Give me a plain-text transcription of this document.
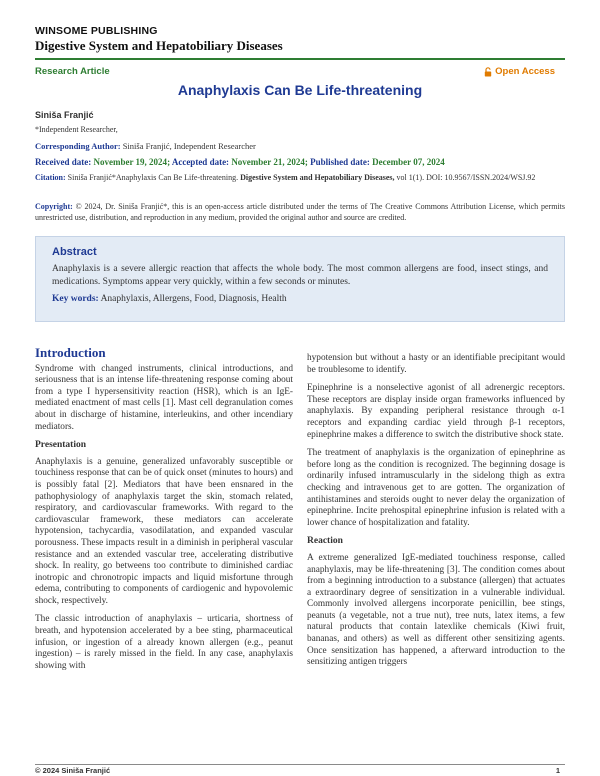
WINSOME PUBLISHING
Digestive System and Hepatobiliary Diseases
Research Article	Open Access
Anaphylaxis Can Be Life-threatening
Siniša Franjić
*Independent Researcher,
Corresponding Author: Siniša Franjić, Independent Researcher
Received date: November 19, 2024; Accepted date: November 21, 2024; Published date: December 07, 2024
Citation: Siniša Franjić*Anaphylaxis Can Be Life-threatening. Digestive System and Hepatobiliary Diseases, vol 1(1). DOI: 10.9567/ISSN.2024/WSJ.92
Copyright: © 2024, Dr. Siniša Franjić*, this is an open-access article distributed under the terms of The Creative Commons Attribution License, which permits unrestricted use, distribution, and reproduction in any medium, provided the original author and source are credited.
Abstract
Anaphylaxis is a severe allergic reaction that affects the whole body. The most common allergens are food, insect stings, and medications. Symptoms appear very quickly, within a few seconds or minutes.
Key words: Anaphylaxis, Allergens, Food, Diagnosis, Health
Introduction

Syndrome with changed instruments, clinical introductions, and seriousness that is an intense life-threatening response coming about from a type I hypersensitivity reaction (HSR), which is an IgE-mediated enactment of mast cells [1]. Mast cell degranulation comes about in discharge of histamine, interleukins, and other incendiary mediators.

Presentation

Anaphylaxis is a genuine, generalized unfavorably susceptible or touchiness response that can be of quick onset (minutes to hours) and is possibly fatal [2]. Mediators that have been ensnared in the pathophysiology of anaphylaxis target the skin, stomach related, respiratory, and cardiovascular frameworks. With regard to the cardiovascular framework, these mediators can accelerate hypotension, tachycardia, vasodilatation, and expanded vascular porousness. These impacts result in a diminish in peripheral vascular resistance and an extended vascular tree, accelerating distributive shock. In reality, go betweens too contribute to diminished cardiac inotropic and chronotropic impacts and liquid misfortune through edema, contributing to components of cardiogenic and hypovolemic shock, respectively.

The classic introduction of anaphylaxis – urticaria, shortness of breath, and hypotension accelerated by a bee sting, pharmaceutical infusion, or ingestion of a already known allergen (e.g., peanut ingestion) – is rarely missed in the field. In any case, anaphylaxis showing with

hypotension but without a hasty or an identifiable precipitant would be troublesome to identify.

Epinephrine is a nonselective agonist of all adrenergic receptors. These receptors are display inside organ frameworks influenced by anaphylaxis. By expanding peripheral resistance through α-1 receptors and expanding cardiac yield through β-1 receptors, epinephrine makes a difference to switch the distributive shock state.

The treatment of anaphylaxis is the organization of epinephrine as before long as the condition is recognized. The beginning dosage is ordinarily infused intramuscularly in the sidelong thigh as extra checking and intravenous get to are gotten. The organization of antihistamines and steroids ought to never delay the organization of epinephrine. Incite prehospital epinephrine infusion is related with a lower chance of hospitalization and fatality.

Reaction

A extreme generalized IgE-mediated touchiness response, called anaphylaxis, may be life-threatening [3]. The condition comes about from a beginning introduction to a substance (allergen) that actuates a extraordinary degree of sensitization in a vulnerable individual. Commonly involved allergens incorporate penicillin, bee stings, peanuts (a vegetable, not a true nut), tree nuts, latex items, a few natural products that contain latexlike chemicals (Kiwi fruit, bananas, and others) as well as different other sensitizing agents. Once sensitization has happened, a afterward introduction to the sensitizing antigen triggers

© 2024 Siniša Franjić	1
